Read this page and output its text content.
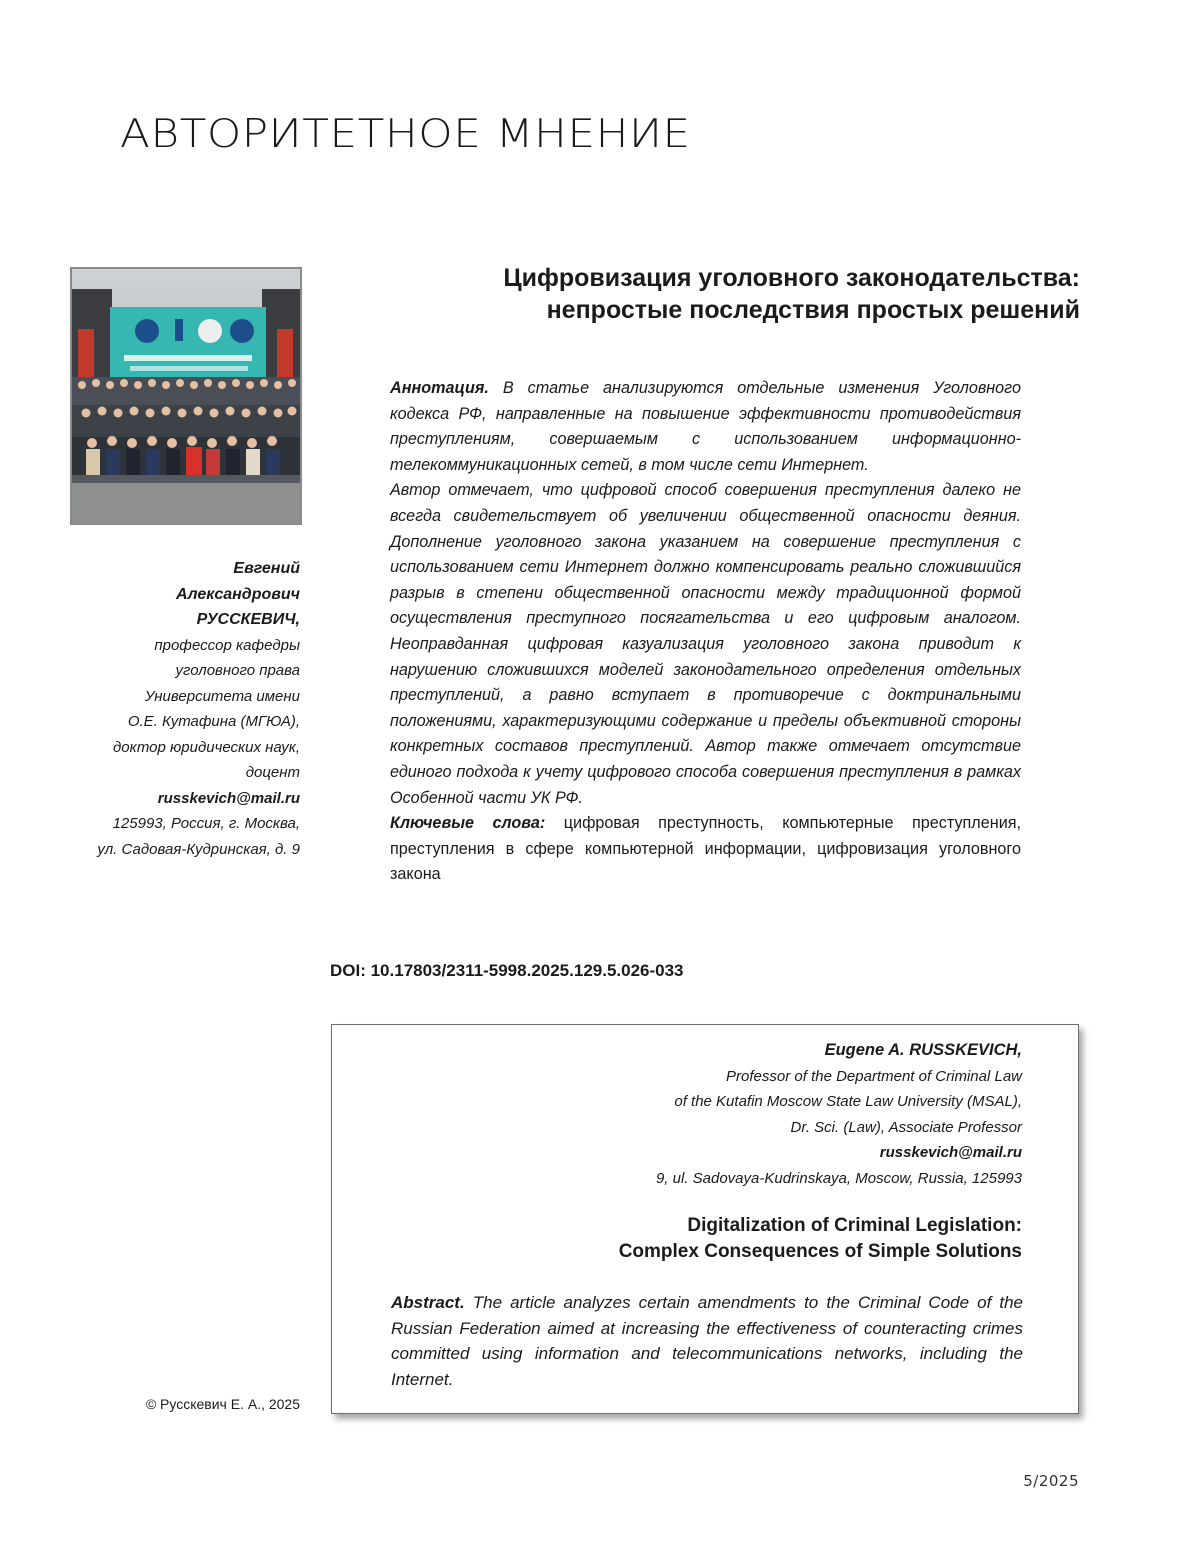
АВТОРИТЕТНОЕ МНЕНИЕ
Евгений
Александрович
РУССКЕВИЧ,
профессор кафедры
уголовного права
Университета имени
О.Е. Кутафина (МГЮА),
доктор юридических наук,
доцент
russkevich@mail.ru
125993, Россия, г. Москва,
ул. Садовая-Кудринская, д. 9
© Русскевич Е. А., 2025
Цифровизация уголовного законодательства:
непростые последствия простых решений

Аннотация. В статье анализируются отдельные изменения Уголовного кодекса РФ, направленные на повышение эффективности противодействия преступлениям, совершаемым с использованием информационно-телекоммуникационных сетей, в том числе сети Интернет.

Автор отмечает, что цифровой способ совершения преступления далеко не всегда свидетельствует об увеличении общественной опасности деяния. Дополнение уголовного закона указанием на совершение преступления с использованием сети Интернет должно компенсировать реально сложившийся разрыв в степени общественной опасности между традиционной формой осуществления преступного посягательства и его цифровым аналогом. Неоправданная цифровая казуализация уголовного закона приводит к нарушению сложившихся моделей законодательного определения отдельных преступлений, а равно вступает в противоречие с доктринальными положениями, характеризующими содержание и пределы объективной стороны конкретных составов преступлений. Автор также отмечает отсутствие единого подхода к учету цифрового способа совершения преступления в рамках Особенной части УК РФ.

Ключевые слова: цифровая преступность, компьютерные престу­пления, преступления в сфере компьютерной информации, цифрови­зация уголовного закона

DOI: 10.17803/2311-5998.2025.129.5.026-033
Eugene A. RUSSKEVICH,
Professor of the Department of Criminal Law
of the Kutafin Moscow State Law University (MSAL),
Dr. Sci. (Law), Associate Professor
russkevich@mail.ru
9, ul. Sadovaya-Kudrinskaya, Moscow, Russia, 125993
Digitalization of Criminal Legislation:
Complex Consequences of Simple Solutions

Abstract. The article analyzes certain amendments to the Criminal Code of the Russian Federation aimed at increasing the effectiveness of counteract­ing crimes committed using information and telecommunications networks, including the Internet.

5/2025
